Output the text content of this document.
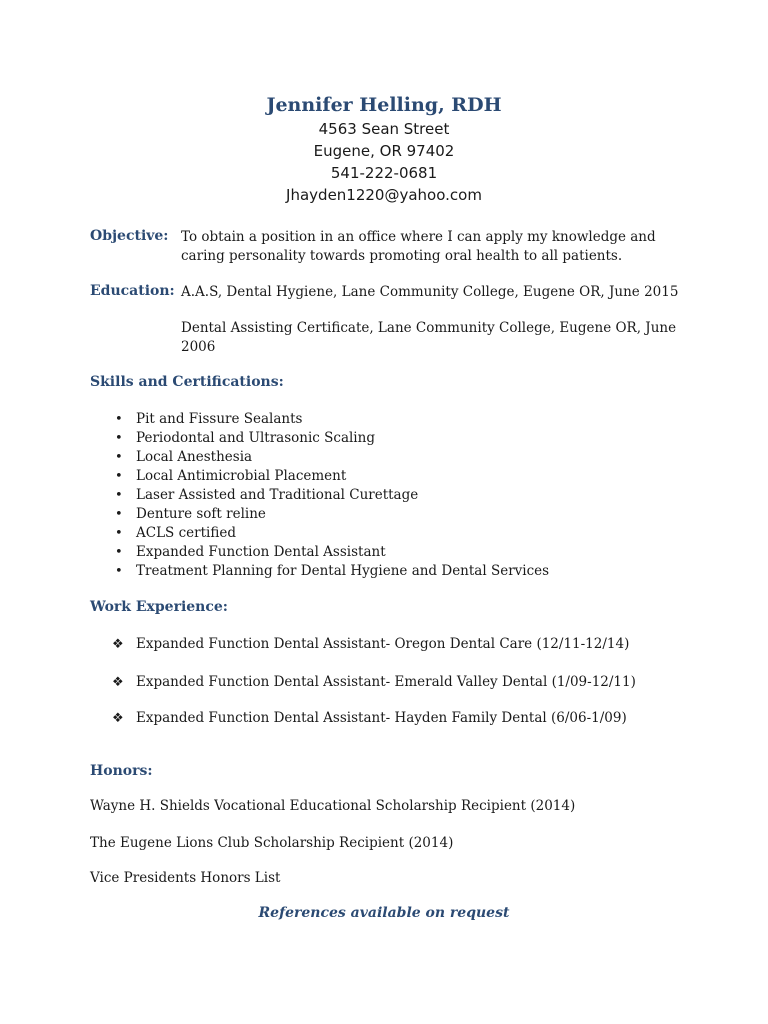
Jennifer Helling, RDH
4563 Sean Street
Eugene, OR 97402
541-222-0681
Jhayden1220@yahoo.com
Objective: To obtain a position in an office where I can apply my knowledge and caring personality towards promoting oral health to all patients.
Education: A.A.S, Dental Hygiene, Lane Community College, Eugene OR, June 2015
Dental Assisting Certificate, Lane Community College, Eugene OR, June 2006
Skills and Certifications:
• Pit and Fissure Sealants
• Periodontal and Ultrasonic Scaling
• Local Anesthesia
• Local Antimicrobial Placement
• Laser Assisted and Traditional Curettage
• Denture soft reline
• ACLS certified
• Expanded Function Dental Assistant
• Treatment Planning for Dental Hygiene and Dental Services
Work Experience:
❖ Expanded Function Dental Assistant- Oregon Dental Care (12/11-12/14)
❖ Expanded Function Dental Assistant- Emerald Valley Dental (1/09-12/11)
❖ Expanded Function Dental Assistant- Hayden Family Dental (6/06-1/09)
Honors:
Wayne H. Shields Vocational Educational Scholarship Recipient (2014)
The Eugene Lions Club Scholarship Recipient (2014)
Vice Presidents Honors List
References available on request
